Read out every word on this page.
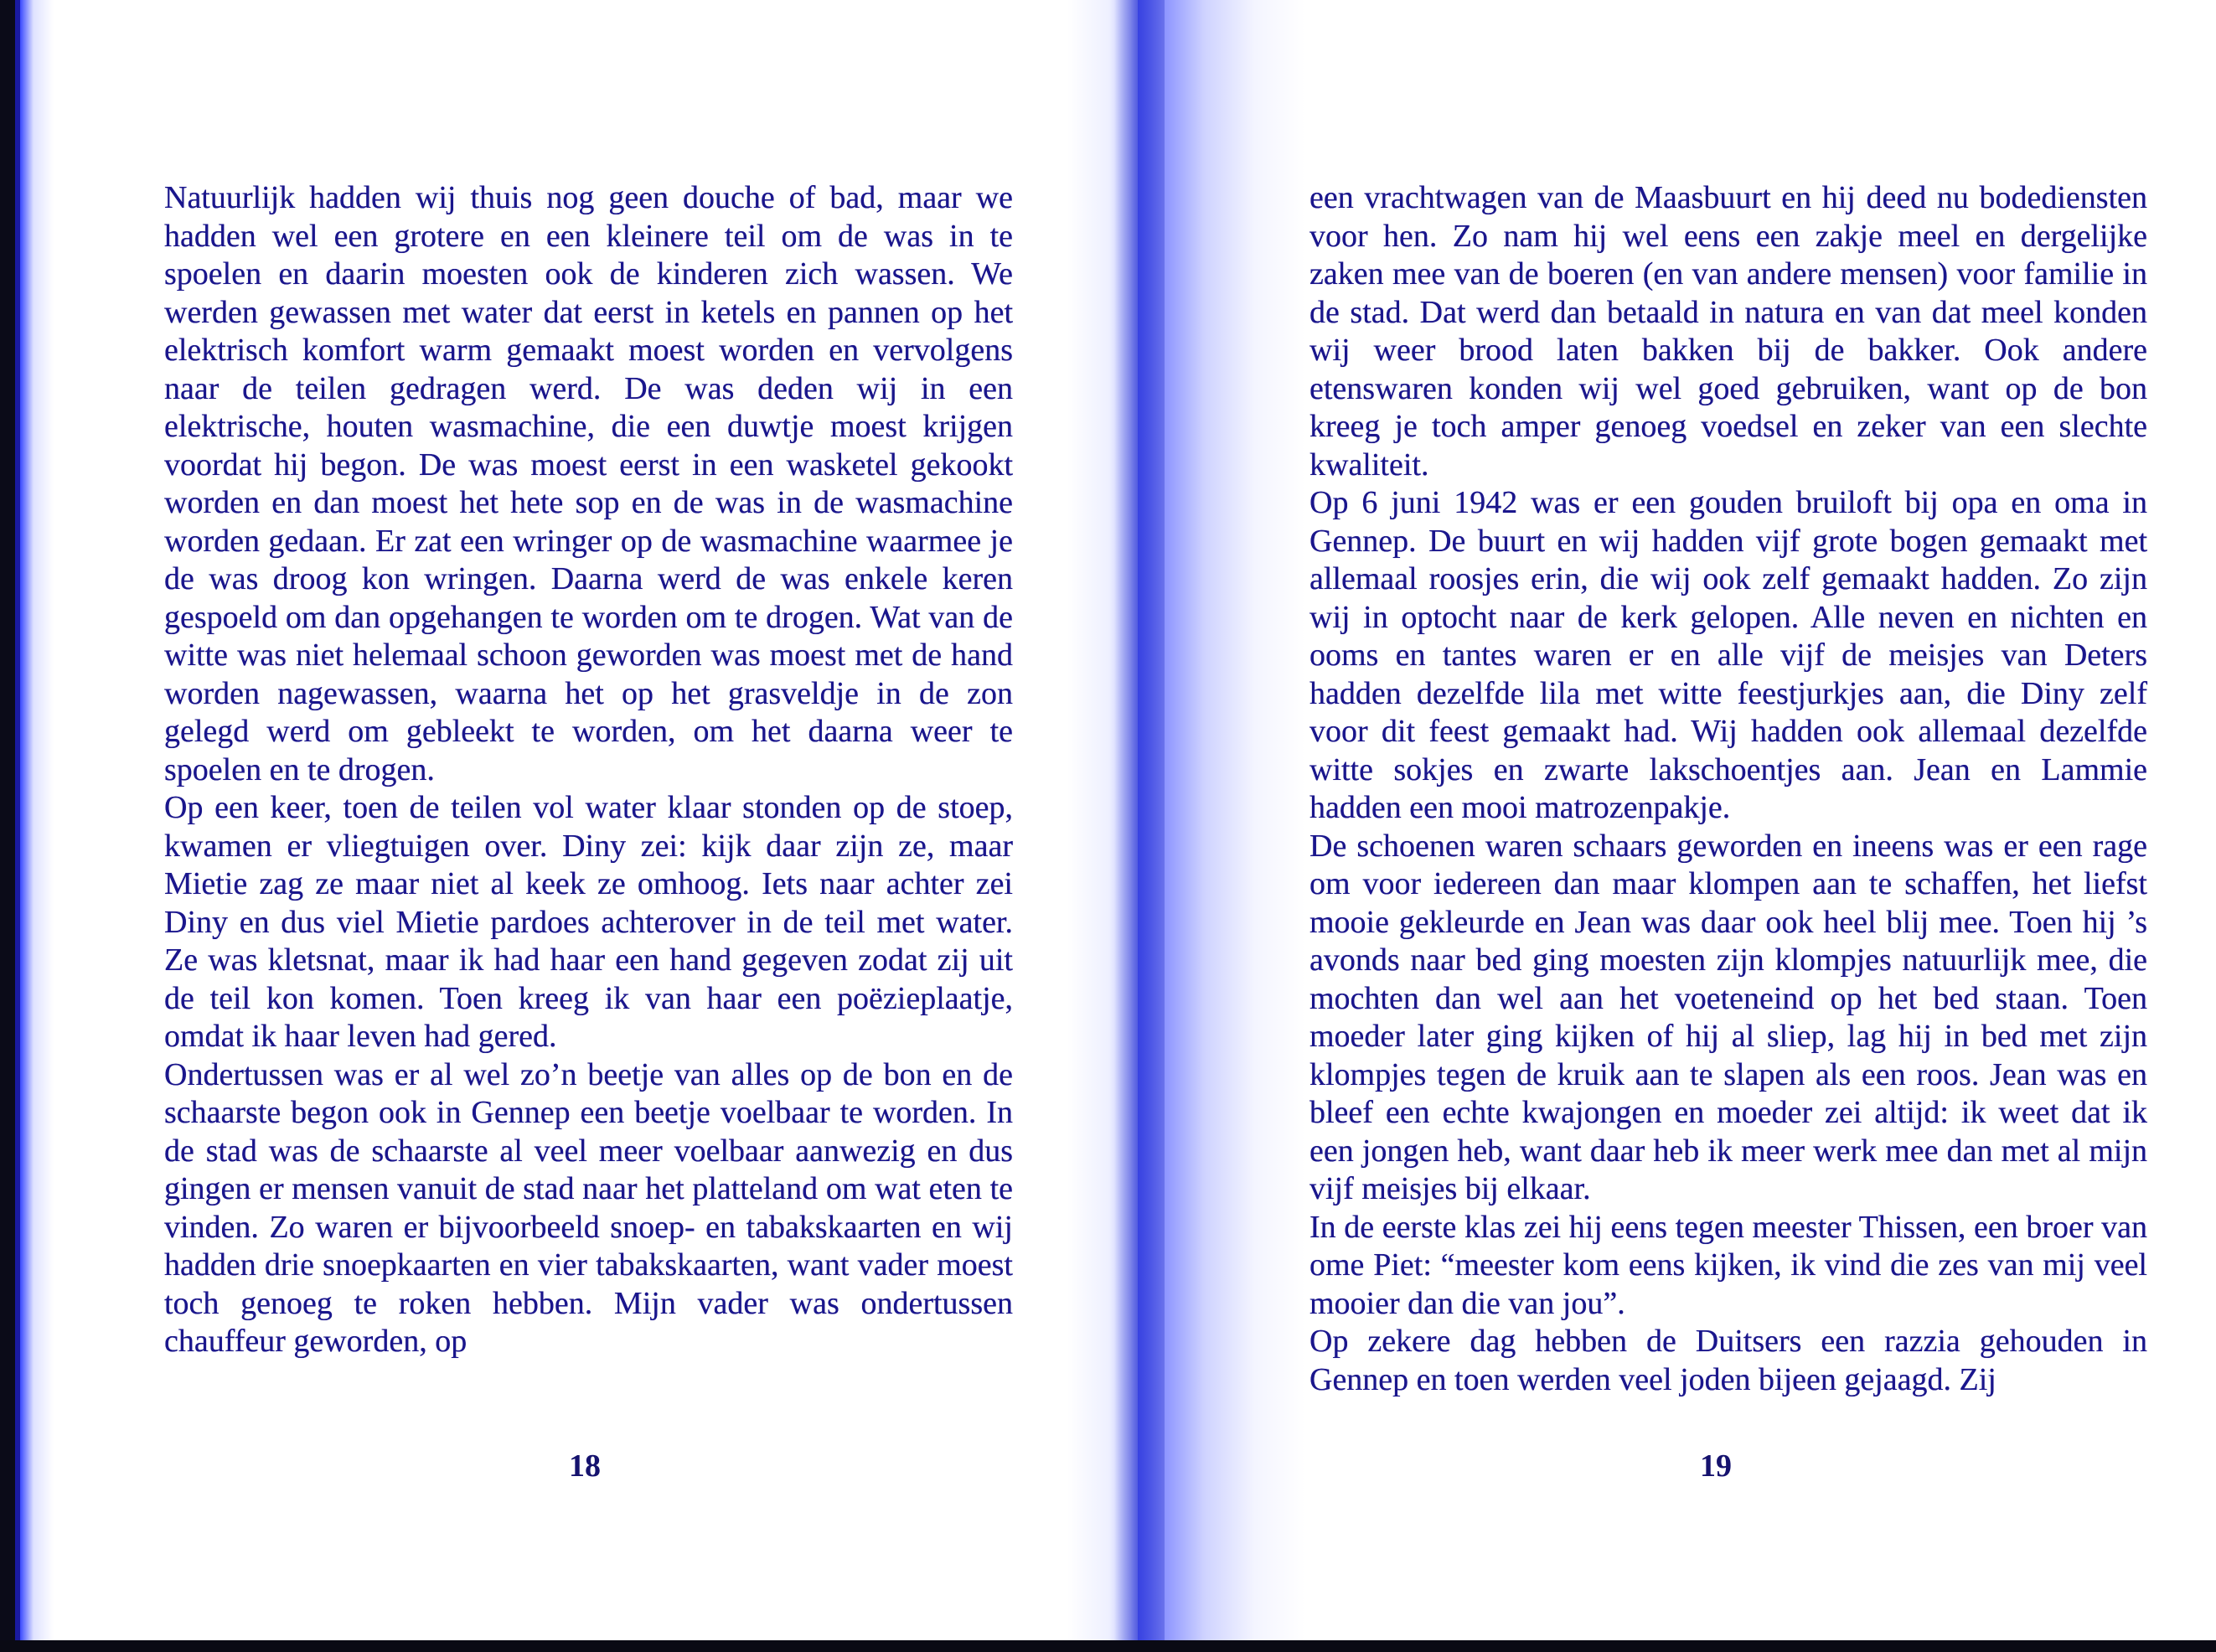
Natuurlijk hadden wij thuis nog geen douche of bad, maar we hadden wel een grotere en een kleinere teil om de was in te spoelen en daarin moesten ook de kinderen zich wassen. We werden gewassen met water dat eerst in ketels en pannen op het elektrisch komfort warm gemaakt moest worden en vervolgens naar de teilen gedragen werd. De was deden wij in een elektrische, houten wasmachine, die een duwtje moest krijgen voordat hij begon. De was moest eerst in een wasketel gekookt worden en dan moest het hete sop en de was in de wasmachine worden gedaan. Er zat een wringer op de wasmachine waarmee je de was droog kon wringen. Daarna werd de was enkele keren gespoeld om dan opgehangen te worden om te drogen. Wat van de witte was niet helemaal schoon geworden was moest met de hand worden nagewassen, waarna het op het grasveldje in de zon gelegd werd om gebleekt te worden, om het daarna weer te spoelen en te drogen.

Op een keer, toen de teilen vol water klaar stonden op de stoep, kwamen er vliegtuigen over. Diny zei: kijk daar zijn ze, maar Mietie zag ze maar niet al keek ze omhoog. Iets naar achter zei Diny en dus viel Mietie pardoes achterover in de teil met water. Ze was kletsnat, maar ik had haar een hand gegeven zodat zij uit de teil kon komen. Toen kreeg ik van haar een poëzieplaatje, omdat ik haar leven had gered.

Ondertussen was er al wel zo’n beetje van alles op de bon en de schaarste begon ook in Gennep een beetje voelbaar te worden. In de stad was de schaarste al veel meer voelbaar aanwezig en dus gingen er mensen vanuit de stad naar het platteland om wat eten te vinden. Zo waren er bijvoorbeeld snoep- en tabakskaarten en wij hadden drie snoepkaarten en vier tabakskaarten, want vader moest toch genoeg te roken hebben. Mijn vader was ondertussen chauffeur geworden, op

18

een vrachtwagen van de Maasbuurt en hij deed nu bodediensten voor hen. Zo nam hij wel eens een zakje meel en dergelijke zaken mee van de boeren (en van andere mensen) voor familie in de stad. Dat werd dan betaald in natura en van dat meel konden wij weer brood laten bakken bij de bakker. Ook andere etenswaren konden wij wel goed gebruiken, want op de bon kreeg je toch amper genoeg voedsel en zeker van een slechte kwaliteit.

Op 6 juni 1942 was er een gouden bruiloft bij opa en oma in Gennep. De buurt en wij hadden vijf grote bogen gemaakt met allemaal roosjes erin, die wij ook zelf gemaakt hadden. Zo zijn wij in optocht naar de kerk gelopen. Alle neven en nichten en ooms en tantes waren er en alle vijf de meisjes van Deters hadden dezelfde lila met witte feestjurkjes aan, die Diny zelf voor dit feest gemaakt had. Wij hadden ook allemaal dezelfde witte sokjes en zwarte lakschoentjes aan. Jean en Lammie hadden een mooi matrozenpakje.

De schoenen waren schaars geworden en ineens was er een rage om voor iedereen dan maar klompen aan te schaffen, het liefst mooie gekleurde en Jean was daar ook heel blij mee. Toen hij ’s avonds naar bed ging moesten zijn klompjes natuurlijk mee, die mochten dan wel aan het voeteneind op het bed staan. Toen moeder later ging kijken of hij al sliep, lag hij in bed met zijn klompjes tegen de kruik aan te slapen als een roos. Jean was en bleef een echte kwajongen en moeder zei altijd: ik weet dat ik een jongen heb, want daar heb ik meer werk mee dan met al mijn vijf meisjes bij elkaar.

In de eerste klas zei hij eens tegen meester Thissen, een broer van ome Piet: “meester kom eens kijken, ik vind die zes van mij veel mooier dan die van jou”.

Op zekere dag hebben de Duitsers een razzia gehouden in Gennep en toen werden veel joden bijeen gejaagd. Zij

19
